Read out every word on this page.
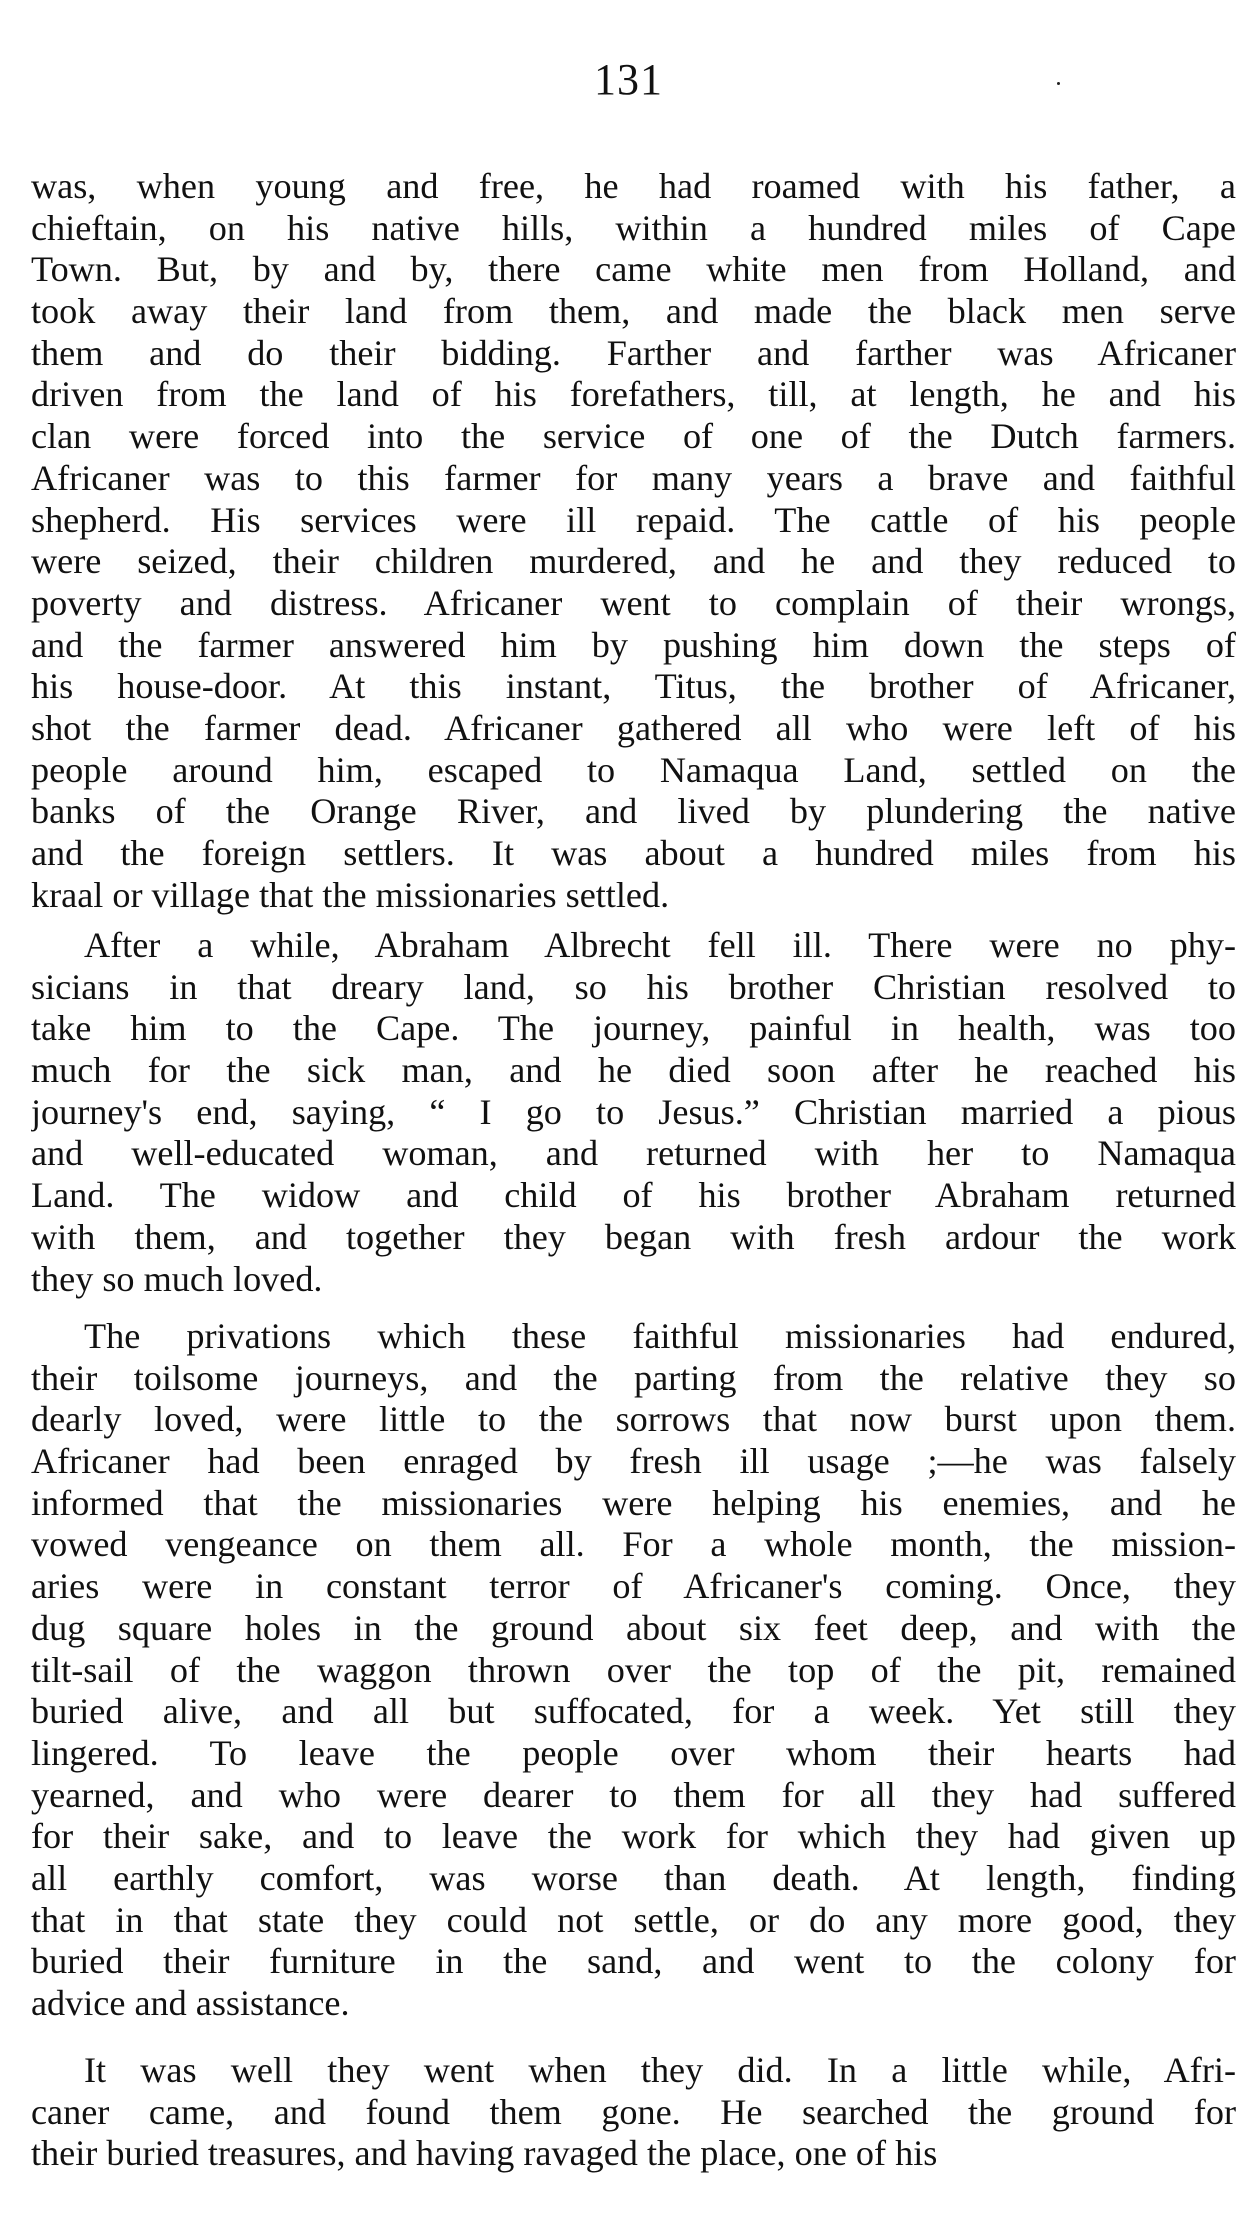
131
was, when young and free, he had roamed with his father, a
chieftain, on his native hills, within a hundred miles of Cape
Town. But, by and by, there came white men from Holland, and
took away their land from them, and made the black men serve
them and do their bidding. Farther and farther was Africaner
driven from the land of his forefathers, till, at length, he and his
clan were forced into the service of one of the Dutch farmers.
Africaner was to this farmer for many years a brave and faithful
shepherd. His services were ill repaid. The cattle of his people
were seized, their children murdered, and he and they reduced to
poverty and distress. Africaner went to complain of their wrongs,
and the farmer answered him by pushing him down the steps of
his house-door. At this instant, Titus, the brother of Africaner,
shot the farmer dead. Africaner gathered all who were left of his
people around him, escaped to Namaqua Land, settled on the
banks of the Orange River, and lived by plundering the native
and the foreign settlers. It was about a hundred miles from his
kraal or village that the missionaries settled.
After a while, Abraham Albrecht fell ill. There were no phy-
sicians in that dreary land, so his brother Christian resolved to
take him to the Cape. The journey, painful in health, was too
much for the sick man, and he died soon after he reached his
journey's end, saying, “ I go to Jesus.” Christian married a pious
and well-educated woman, and returned with her to Namaqua
Land. The widow and child of his brother Abraham returned
with them, and together they began with fresh ardour the work
they so much loved.
The privations which these faithful missionaries had endured,
their toilsome journeys, and the parting from the relative they so
dearly loved, were little to the sorrows that now burst upon them.
Africaner had been enraged by fresh ill usage ;—he was falsely
informed that the missionaries were helping his enemies, and he
vowed vengeance on them all. For a whole month, the mission-
aries were in constant terror of Africaner's coming. Once, they
dug square holes in the ground about six feet deep, and with the
tilt-sail of the waggon thrown over the top of the pit, remained
buried alive, and all but suffocated, for a week. Yet still they
lingered. To leave the people over whom their hearts had
yearned, and who were dearer to them for all they had suffered
for their sake, and to leave the work for which they had given up
all earthly comfort, was worse than death. At length, finding
that in that state they could not settle, or do any more good, they
buried their furniture in the sand, and went to the colony for
advice and assistance.
It was well they went when they did. In a little while, Afri-
caner came, and found them gone. He searched the ground for
their buried treasures, and having ravaged the place, one of his
